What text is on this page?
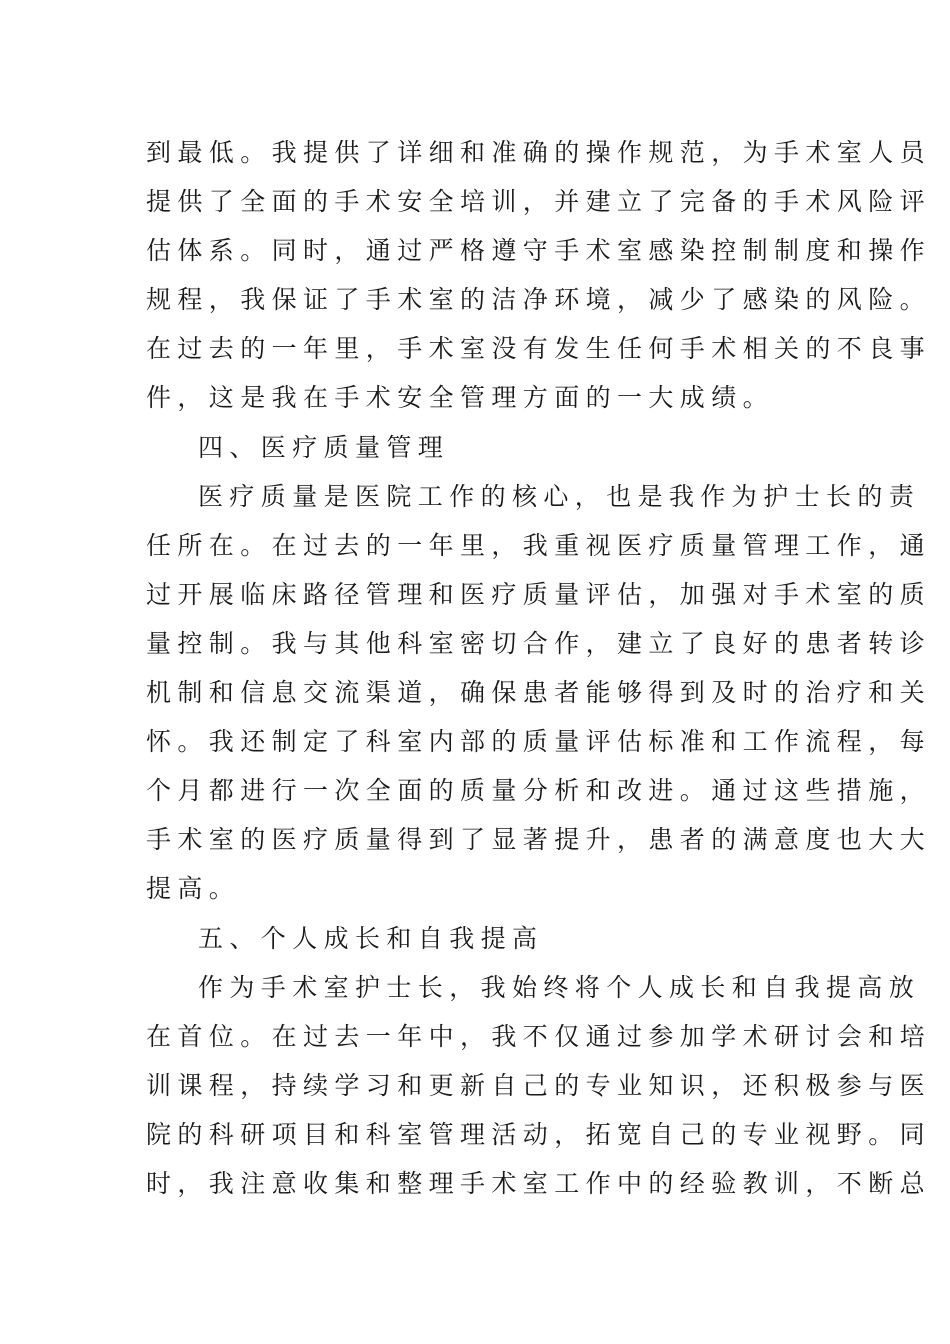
到最低。我提供了详细和准确的操作规范，为手术室人员
提供了全面的手术安全培训，并建立了完备的手术风险评
估体系。同时，通过严格遵守手术室感染控制制度和操作
规程，我保证了手术室的洁净环境，减少了感染的风险。
在过去的一年里，手术室没有发生任何手术相关的不良事
件，这是我在手术安全管理方面的一大成绩。
四、医疗质量管理
医疗质量是医院工作的核心，也是我作为护士长的责
任所在。在过去的一年里，我重视医疗质量管理工作，通
过开展临床路径管理和医疗质量评估，加强对手术室的质
量控制。我与其他科室密切合作，建立了良好的患者转诊
机制和信息交流渠道，确保患者能够得到及时的治疗和关
怀。我还制定了科室内部的质量评估标准和工作流程，每
个月都进行一次全面的质量分析和改进。通过这些措施，
手术室的医疗质量得到了显著提升，患者的满意度也大大
提高。
五、个人成长和自我提高
作为手术室护士长，我始终将个人成长和自我提高放
在首位。在过去一年中，我不仅通过参加学术研讨会和培
训课程，持续学习和更新自己的专业知识，还积极参与医
院的科研项目和科室管理活动，拓宽自己的专业视野。同
时，我注意收集和整理手术室工作中的经验教训，不断总
